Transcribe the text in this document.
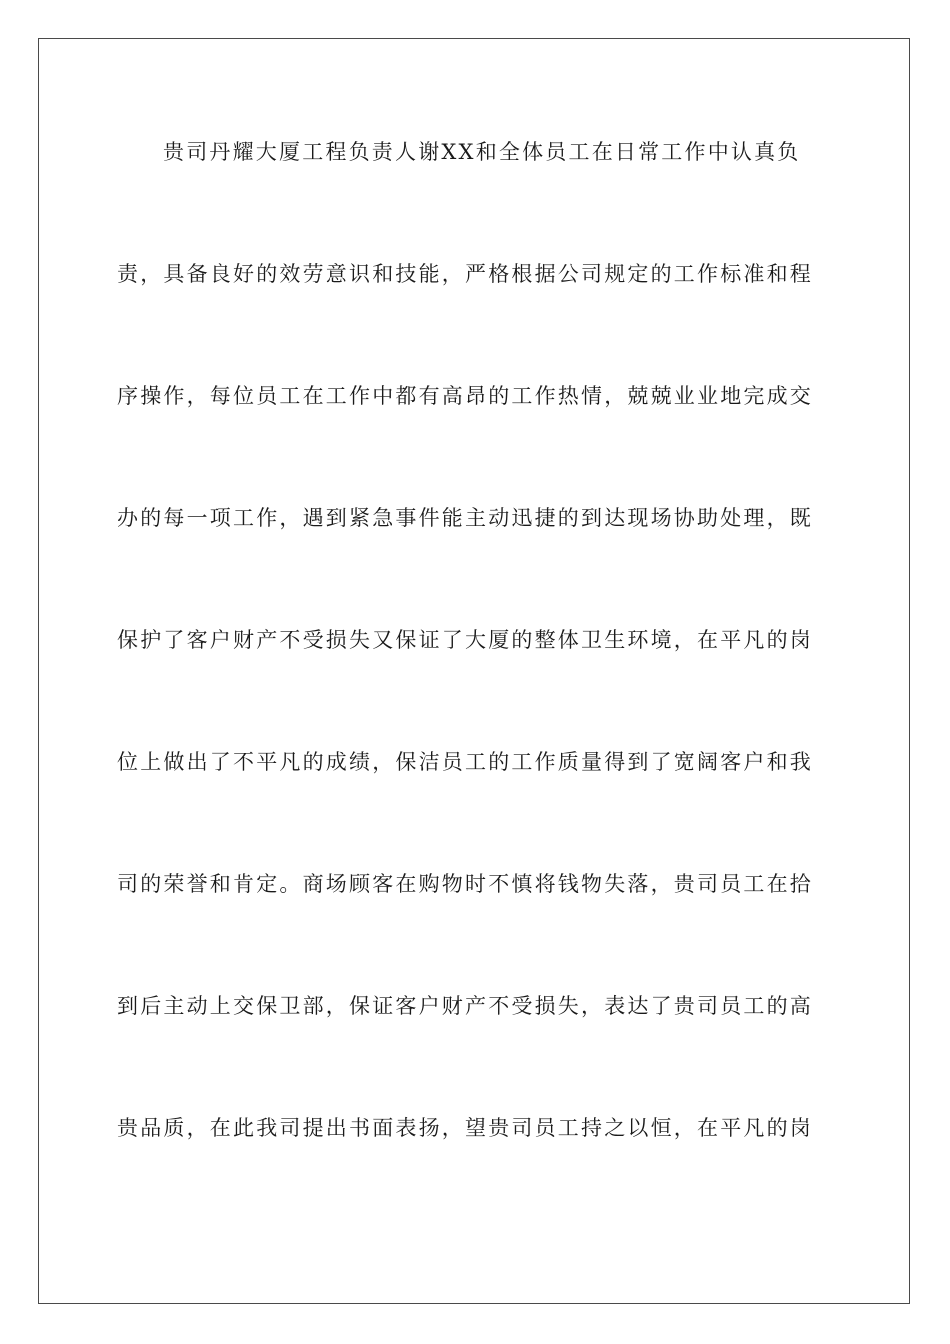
贵司丹耀大厦工程负责人谢XX和全体员工在日常工作中认真负
责，具备良好的效劳意识和技能，严格根据公司规定的工作标准和程
序操作，每位员工在工作中都有高昂的工作热情，兢兢业业地完成交
办的每一项工作，遇到紧急事件能主动迅捷的到达现场协助处理，既
保护了客户财产不受损失又保证了大厦的整体卫生环境，在平凡的岗
位上做出了不平凡的成绩，保洁员工的工作质量得到了宽阔客户和我
司的荣誉和肯定。商场顾客在购物时不慎将钱物失落，贵司员工在拾
到后主动上交保卫部，保证客户财产不受损失，表达了贵司员工的高
贵品质，在此我司提出书面表扬，望贵司员工持之以恒，在平凡的岗
